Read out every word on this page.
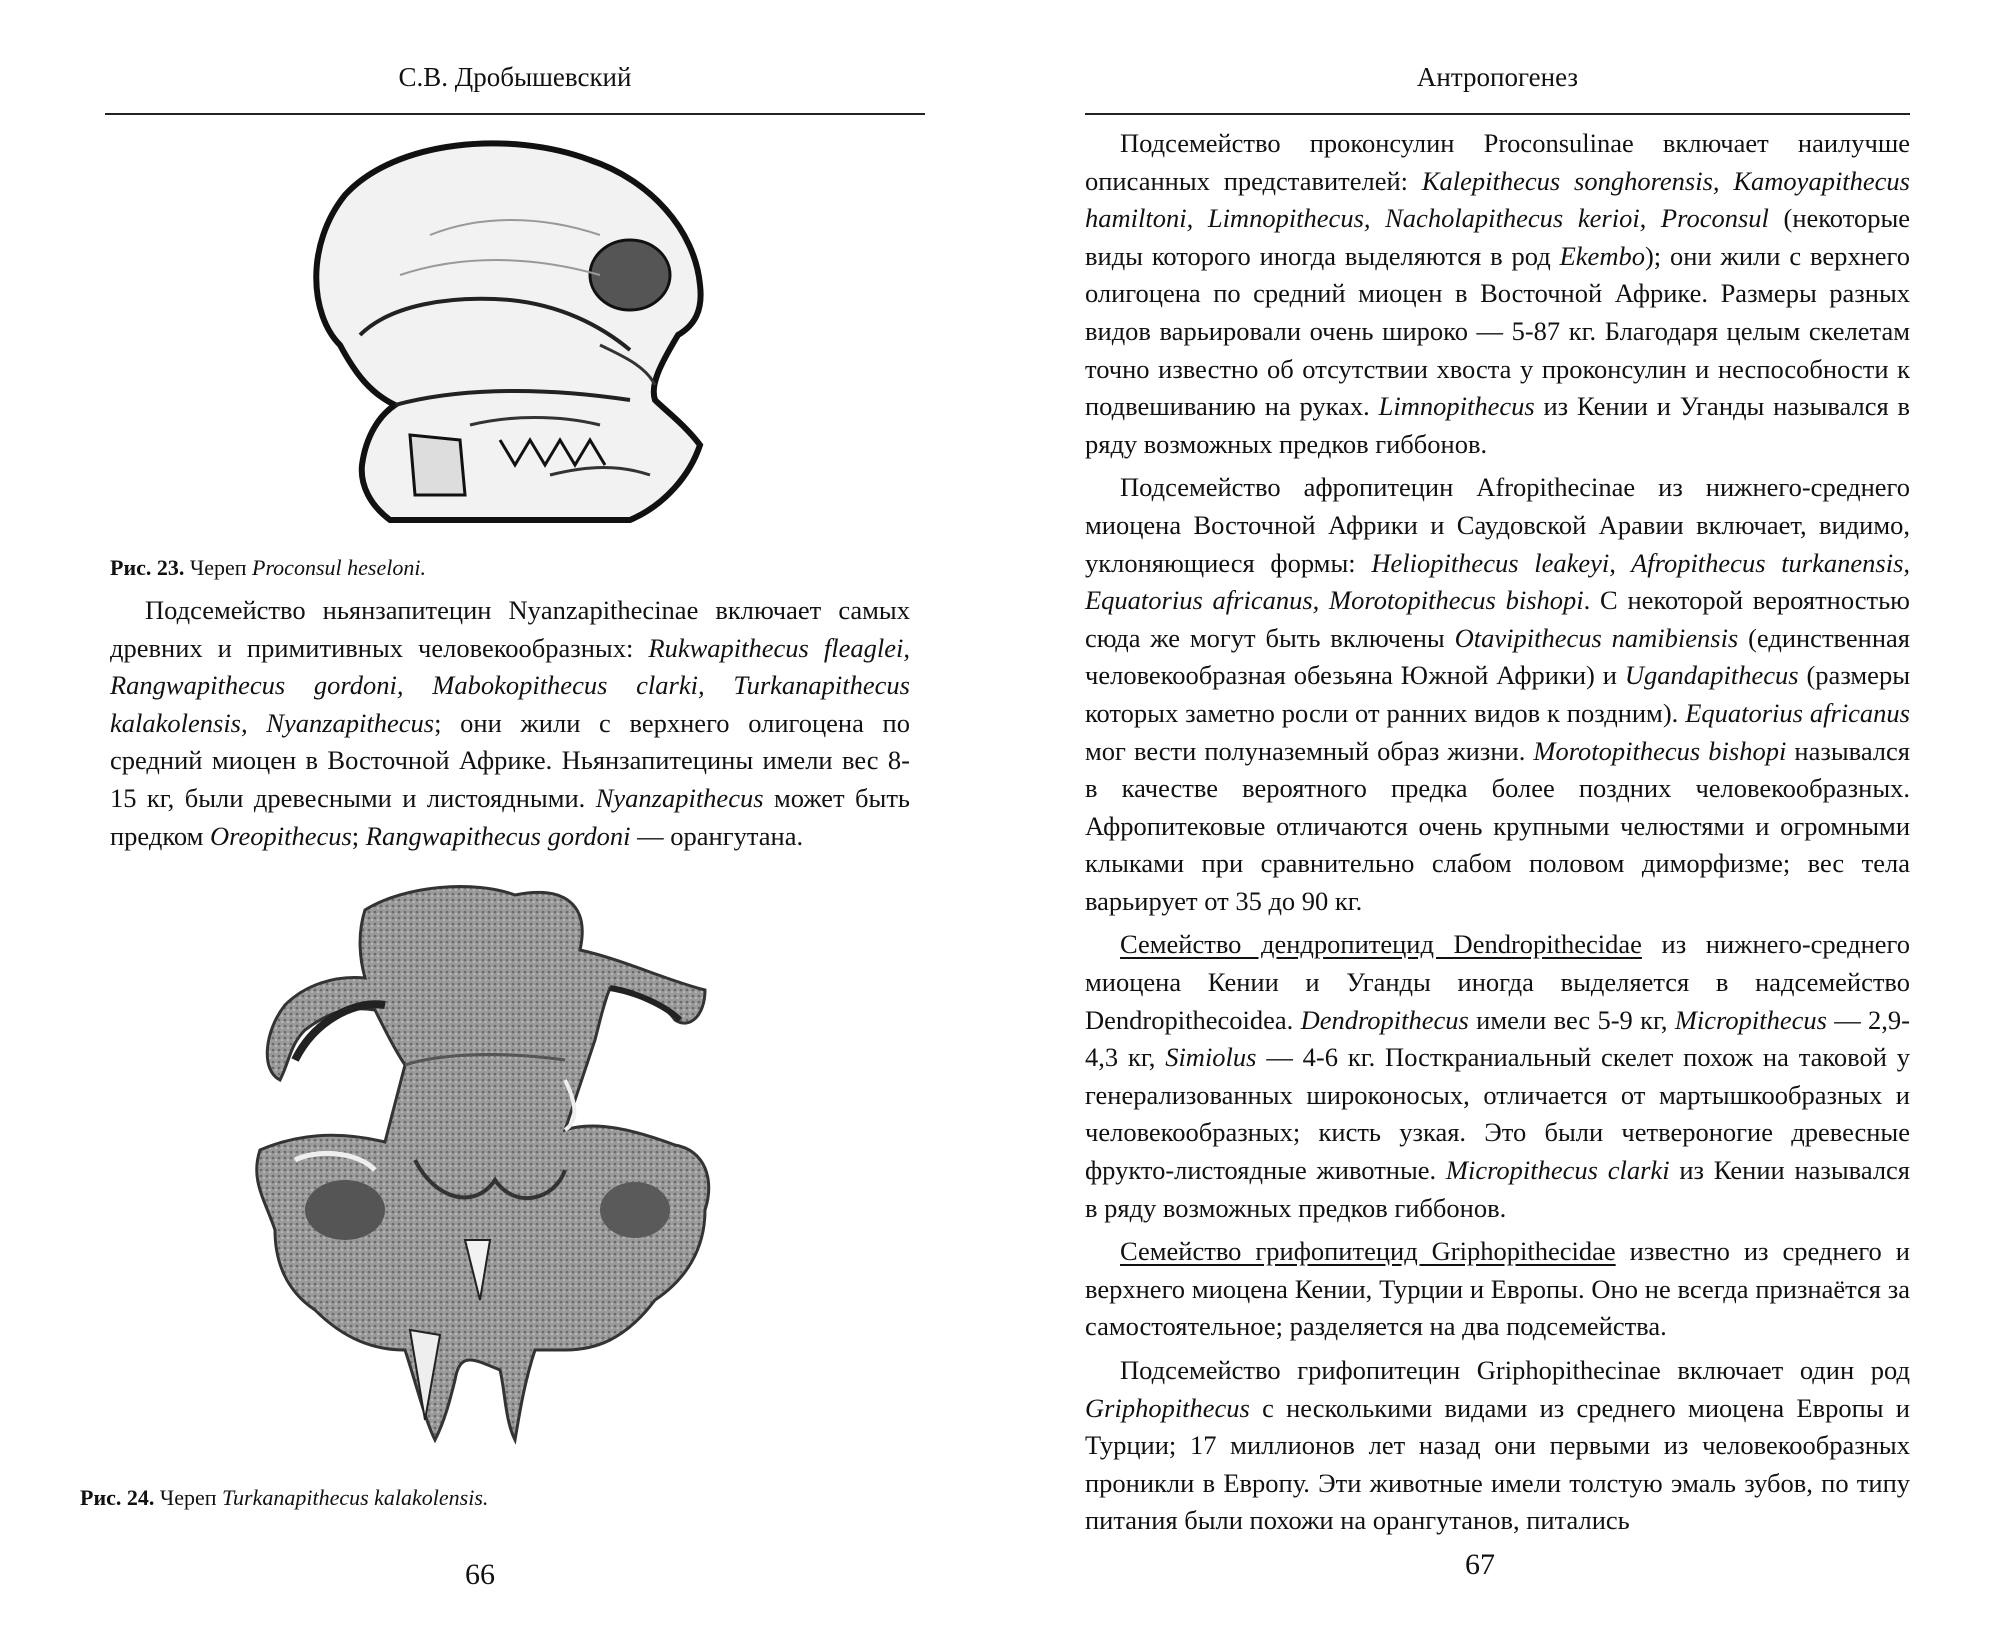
С.В. Дробышевский
Рис. 23. Череп Proconsul heseloni.

Подсемейство ньянзапитецин Nyanzapithecinae включает самых древних и примитивных человекообразных: Rukwapithecus fleaglei, Rangwapithecus gordoni, Mabokopithecus clarki, Turkanapithecus kalakolensis, Nyanzapithecus; они жили с верхнего олигоцена по средний миоцен в Восточной Африке. Ньянзапитецины имели вес 8-15 кг, были древесными и листоядными. Nyanzapithecus может быть предком Oreopithecus; Rangwapithecus gordoni — орангутана.

Рис. 24. Череп Turkanapithecus kalakolensis.
66
Антропогенез

Подсемейство проконсулин Proconsulinae включает наилучше описанных представителей: Kalepithecus songhorensis, Kamoyapithecus hamiltoni, Limnopithecus, Nacholapithecus kerioi, Proconsul (некоторые виды которого иногда выделяются в род Ekembo); они жили с верхнего олигоцена по средний миоцен в Восточной Африке. Размеры разных видов варьировали очень широко — 5-87 кг. Благодаря целым скелетам точно известно об отсутствии хвоста у проконсулин и неспособности к подвешиванию на руках. Limnopithecus из Кении и Уганды назывался в ряду возможных предков гиббонов.

Подсемейство афропитецин Afropithecinae из нижнего-среднего миоцена Восточной Африки и Саудовской Аравии включает, видимо, уклоняющиеся формы: Heliopithecus leakeyi, Afropithecus turkanensis, Equatorius africanus, Morotopithecus bishopi. С некоторой вероятностью сюда же могут быть включены Otavipithecus namibiensis (единственная человекообразная обезьяна Южной Африки) и Ugandapithecus (размеры которых заметно росли от ранних видов к поздним). Equatorius africanus мог вести полуназемный образ жизни. Morotopithecus bishopi назывался в качестве вероятного предка более поздних человекообразных. Афропитековые отличаются очень крупными челюстями и огромными клыками при сравнительно слабом половом диморфизме; вес тела варьирует от 35 до 90 кг.

Семейство дендропитецид Dendropithecidae из нижнего-среднего миоцена Кении и Уганды иногда выделяется в надсемейство Dendropithecoidea. Dendropithecus имели вес 5-9 кг, Micropithecus — 2,9-4,3 кг, Simiolus — 4-6 кг. Посткраниальный скелет похож на таковой у генерализованных широконосых, отличается от мартышкообразных и человекообразных; кисть узкая. Это были четвероногие древесные фрукто-листоядные животные. Micropithecus clarki из Кении назывался в ряду возможных предков гиббонов.

Семейство грифопитецид Griphopithecidae известно из среднего и верхнего миоцена Кении, Турции и Европы. Оно не всегда признаётся за самостоятельное; разделяется на два подсемейства.

Подсемейство грифопитецин Griphopithecinae включает один род Griphopithecus с несколькими видами из среднего миоцена Европы и Турции; 17 миллионов лет назад они первыми из человекообразных проникли в Европу. Эти животные имели толстую эмаль зубов, по типу питания были похожи на орангутанов, питались

67
